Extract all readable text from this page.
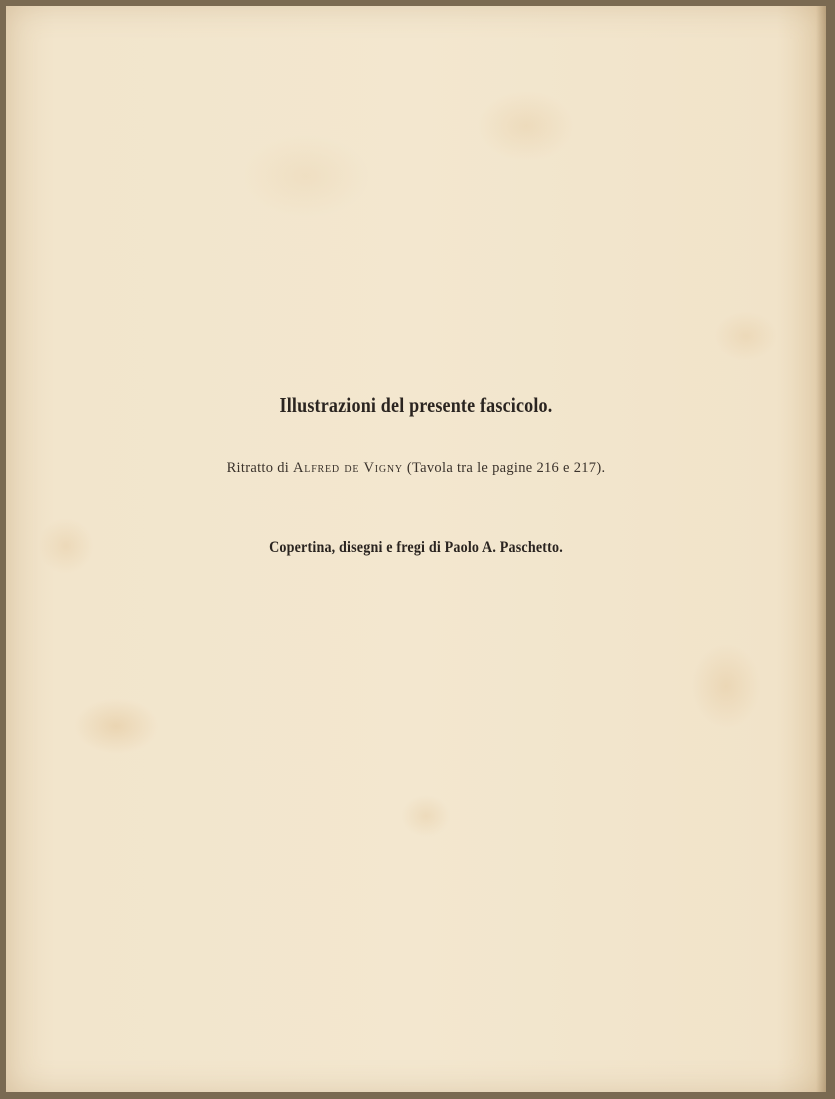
Illustrazioni del presente fascicolo.
Ritratto di Alfred de Vigny (Tavola tra le pagine 216 e 217).
Copertina, disegni e fregi di Paolo A. Paschetto.
